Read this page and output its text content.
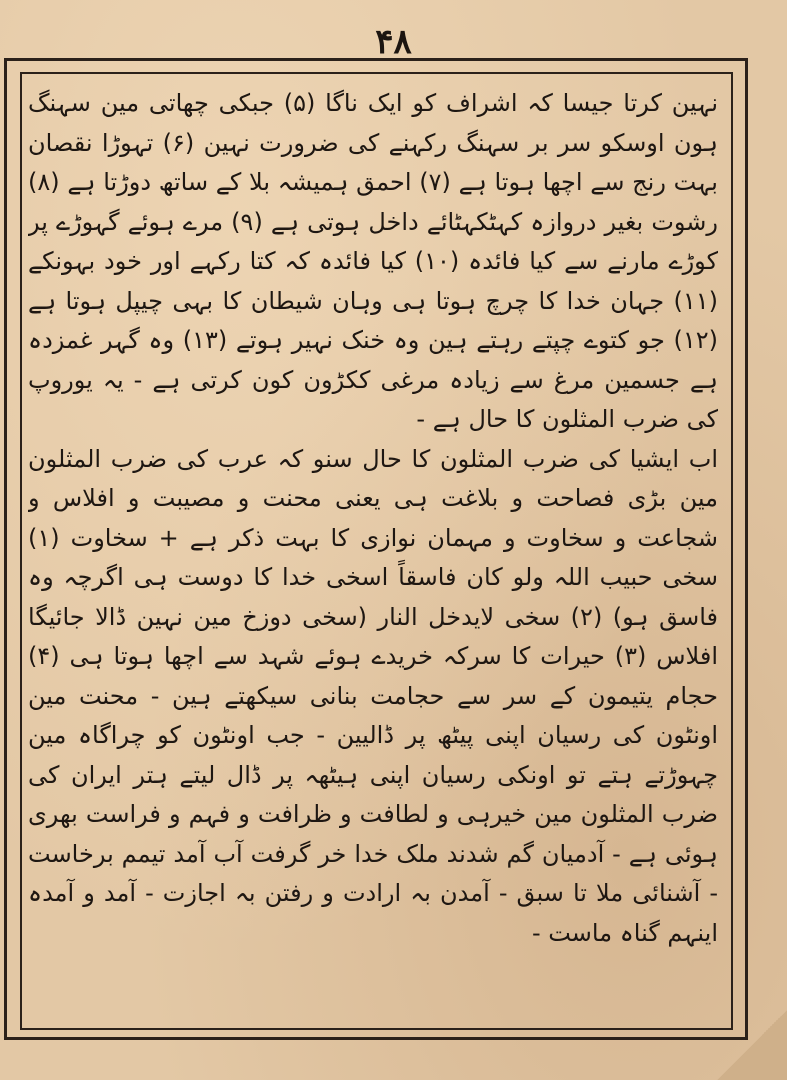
۴۸

نہین کرتا جیسا کہ اشراف کو ایک ناگا (۵) جبکی چھاتی مین سہنگ ہون اوسکو سر بر سہنگ رکہنے کی ضرورت نہین (۶) تہوڑا نقصان بہت رنج سے اچھا ہوتا ہے (۷) احمق ہمیشہ بلا کے ساتھ دوڑتا ہے (۸) رشوت بغیر دروازہ کہٹکہٹائے داخل ہوتی ہے (۹) مرے ہوئے گہوڑے پر کوڑے مارنے سے کیا فائدہ (۱۰) کیا فائدہ کہ کتا رکہے اور خود بہونکے (۱۱) جہان خدا کا چرچ ہوتا ہی وہان شیطان کا بہی چیپل ہوتا ہے (۱۲) جو کتوے چپتے رہتے ہین وہ خنک نہیر ہوتے (۱۳) وہ گہر غمزدہ ہے جسمین مرغ سے زیادہ مرغی ککڑون کون کرتی ہے - یہ یوروپ کی ضرب المثلون کا حال ہے -

اب ایشیا کی ضرب المثلون کا حال سنو کہ عرب کی ضرب المثلون مین بڑی فصاحت و بلاغت ہی یعنی محنت و مصیبت و افلاس و شجاعت و سخاوت و مہمان نوازی کا بہت ذکر ہے + سخاوت (۱) سخی حبیب اللہ ولو کان فاسقاً اسخی خدا کا دوست ہی اگرچہ وہ فاسق ہو) (۲) سخی لایدخل النار (سخی دوزخ مین نہین ڈالا جائیگا افلاس (۳) حیرات کا سرکہ خریدے ہوئے شہد سے اچھا ہوتا ہی (۴) حجام یتیمون کے سر سے حجامت بنانی سیکھتے ہین - محنت مین اونٹون کی رسیان اپنی پیٹھ پر ڈالیین - جب اونٹون کو چراگاہ مین چہوڑتے ہتے تو اونکی رسیان اپنی ہیٹھہ پر ڈال لیتے ہتر ایران کی ضرب المثلون مین خیرہی و لطافت و ظرافت و فہم و فراست بھری ہوئی ہے - آدمیان گم شدند ملک خدا خر گرفت آب آمد تیمم برخاست - آشنائی ملا تا سبق - آمدن بہ ارادت و رفتن بہ اجازت - آمد و آمدہ اینہم گناہ ماست -
